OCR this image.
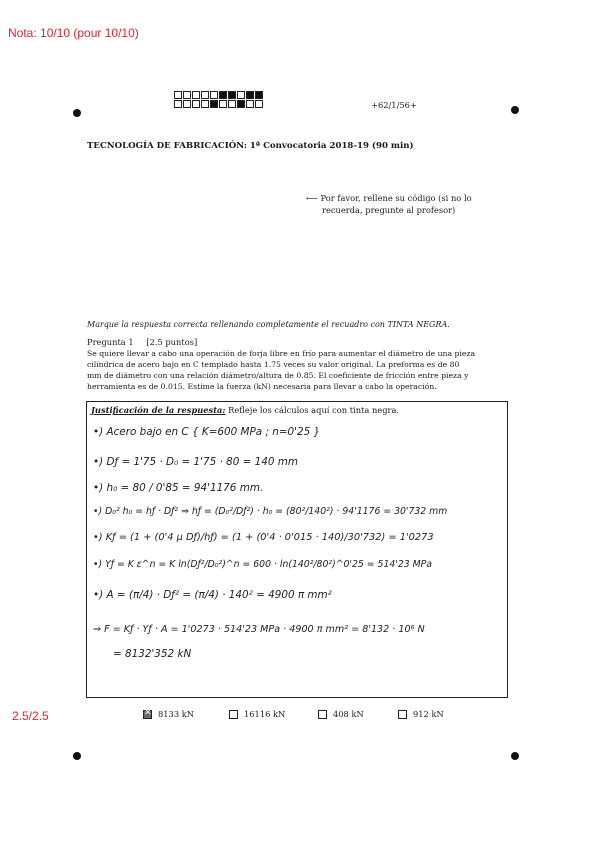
Nota: 10/10 (pour 10/10)
2.5/2.5
+62/1/56+
TECNOLOGÍA DE FABRICACIÓN: 1ª Convocatoria 2018-19 (90 min)
⟵ Por favor, rellene su código (si no lo
recuerda, pregunte al profesor)
Marque la respuesta correcta rellenando completamente el recuadro con TINTA NEGRA.
Pregunta 1 [2.5 puntos]
Se quiere llevar a cabo una operación de forja libre en frío para aumentar el diámetro de una pieza
cilíndrica de acero bajo en C templado hasta 1.75 veces su valor original. La preforma es de 80
mm de diámetro con una relación diámetro/altura de 0.85. El coeficiente de fricción entre pieza y
herramienta es de 0.015. Estime la fuerza (kN) necesaria para llevar a cabo la operación.
Justificación de la respuesta: Refleje los cálculos aquí con tinta negra.
•) Acero bajo en C { K=600 MPa ; n=0'25 }
•) Dƒ = 1'75 · D₀ = 1'75 · 80 = 140 mm
•) h₀ = 80 / 0'85 = 94'1176 mm.
•) D₀² h₀ = hƒ · Dƒ² ⇒ hƒ = (D₀²/Dƒ²) · h₀ = (80²/140²) · 94'1176 = 30'732 mm
•) Kƒ = (1 + (0'4 μ Dƒ)/hƒ) = (1 + (0'4 · 0'015 · 140)/30'732) = 1'0273
•) Yƒ = K ε^n = K ln(Dƒ²/D₀²)^n = 600 · ln(140²/80²)^0'25 = 514'23 MPa
•) A = (π/4) · Dƒ² = (π/4) · 140² = 4900 π mm²
⇒ F = Kƒ · Yƒ · A = 1'0273 · 514'23 MPa · 4900 π mm² = 8'132 · 10⁶ N
= 8132'352 kN
✕
8133 kN	16116 kN	408 kN	912 kN
